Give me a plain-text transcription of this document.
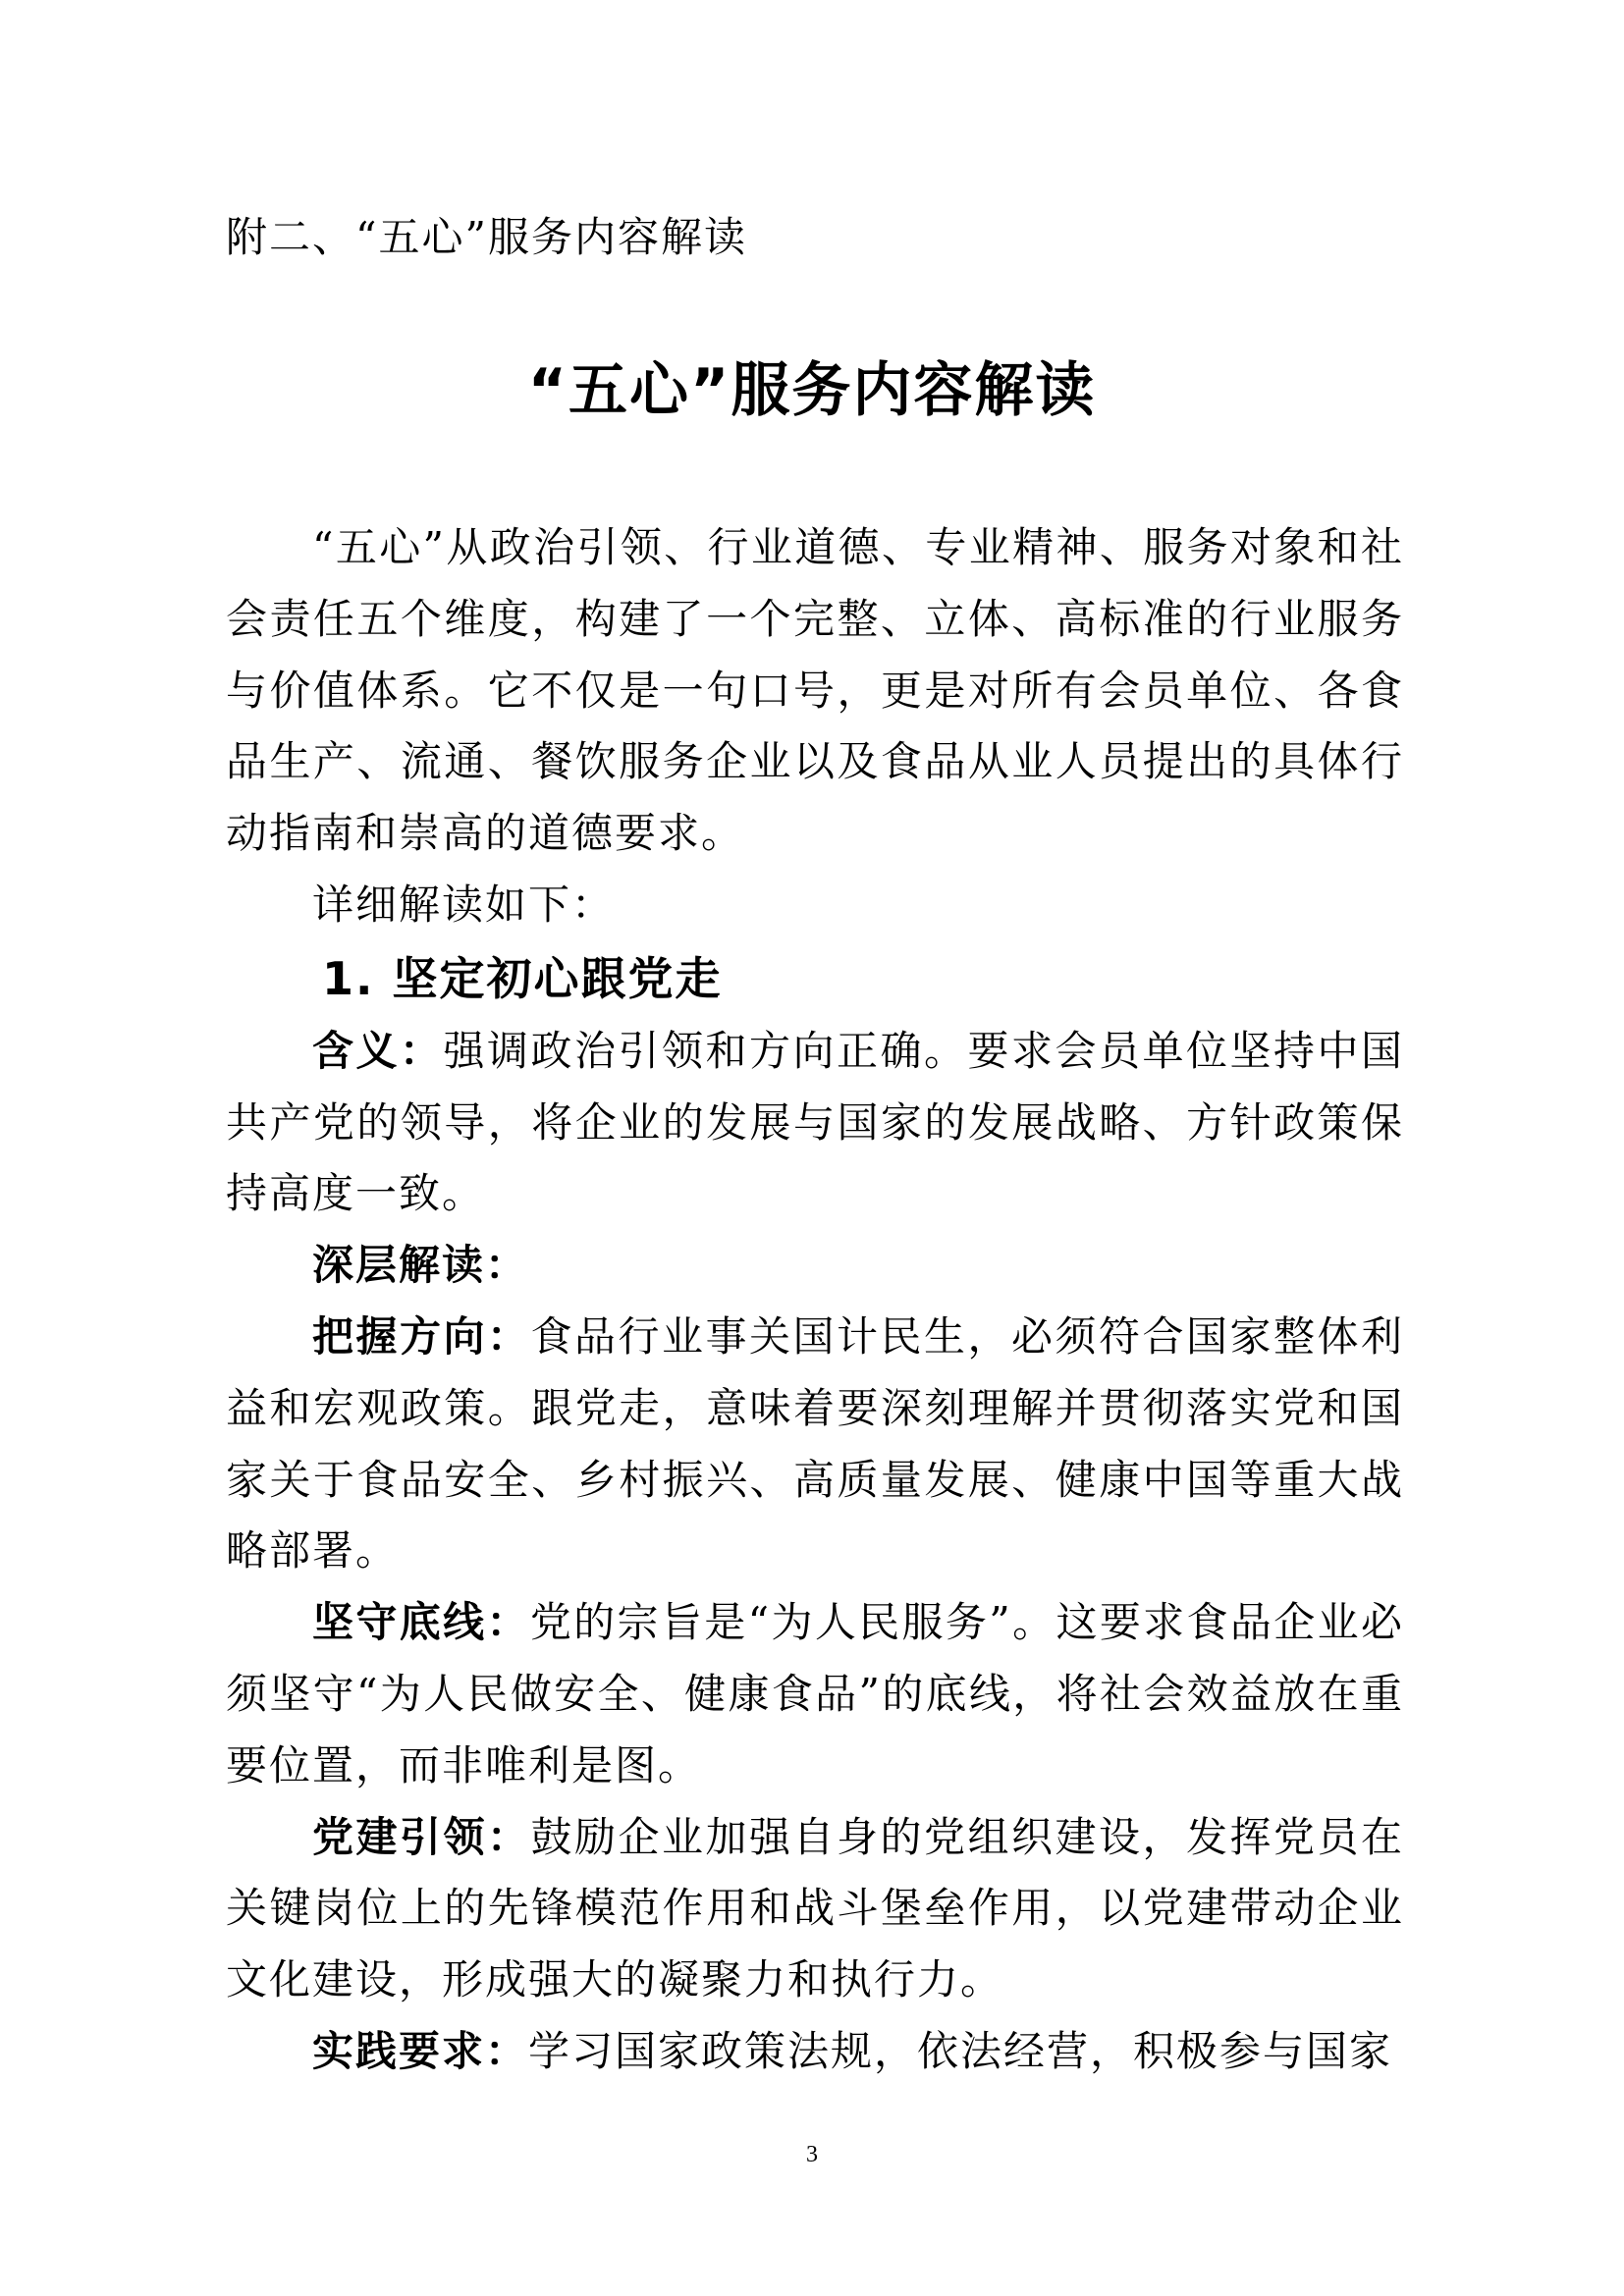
附二、“五心”服务内容解读
“五心”服务内容解读

“五心”从政治引领、行业道德、专业精神、服务对象和社会责任五个维度，构建了一个完整、立体、高标准的行业服务与价值体系。它不仅是一句口号，更是对所有会员单位、各食品生产、流通、餐饮服务企业以及食品从业人员提出的具体行动指南和崇高的道德要求。

详细解读如下：

1. 坚定初心跟党走

含义：强调政治引领和方向正确。要求会员单位坚持中国共产党的领导，将企业的发展与国家的发展战略、方针政策保持高度一致。

深层解读：

把握方向：食品行业事关国计民生，必须符合国家整体利益和宏观政策。跟党走，意味着要深刻理解并贯彻落实党和国家关于食品安全、乡村振兴、高质量发展、健康中国等重大战略部署。

坚守底线：党的宗旨是“为人民服务”。这要求食品企业必须坚守“为人民做安全、健康食品”的底线，将社会效益放在重要位置，而非唯利是图。

党建引领：鼓励企业加强自身的党组织建设，发挥党员在关键岗位上的先锋模范作用和战斗堡垒作用，以党建带动企业文化建设，形成强大的凝聚力和执行力。

实践要求：学习国家政策法规，依法经营，积极参与国家

3
